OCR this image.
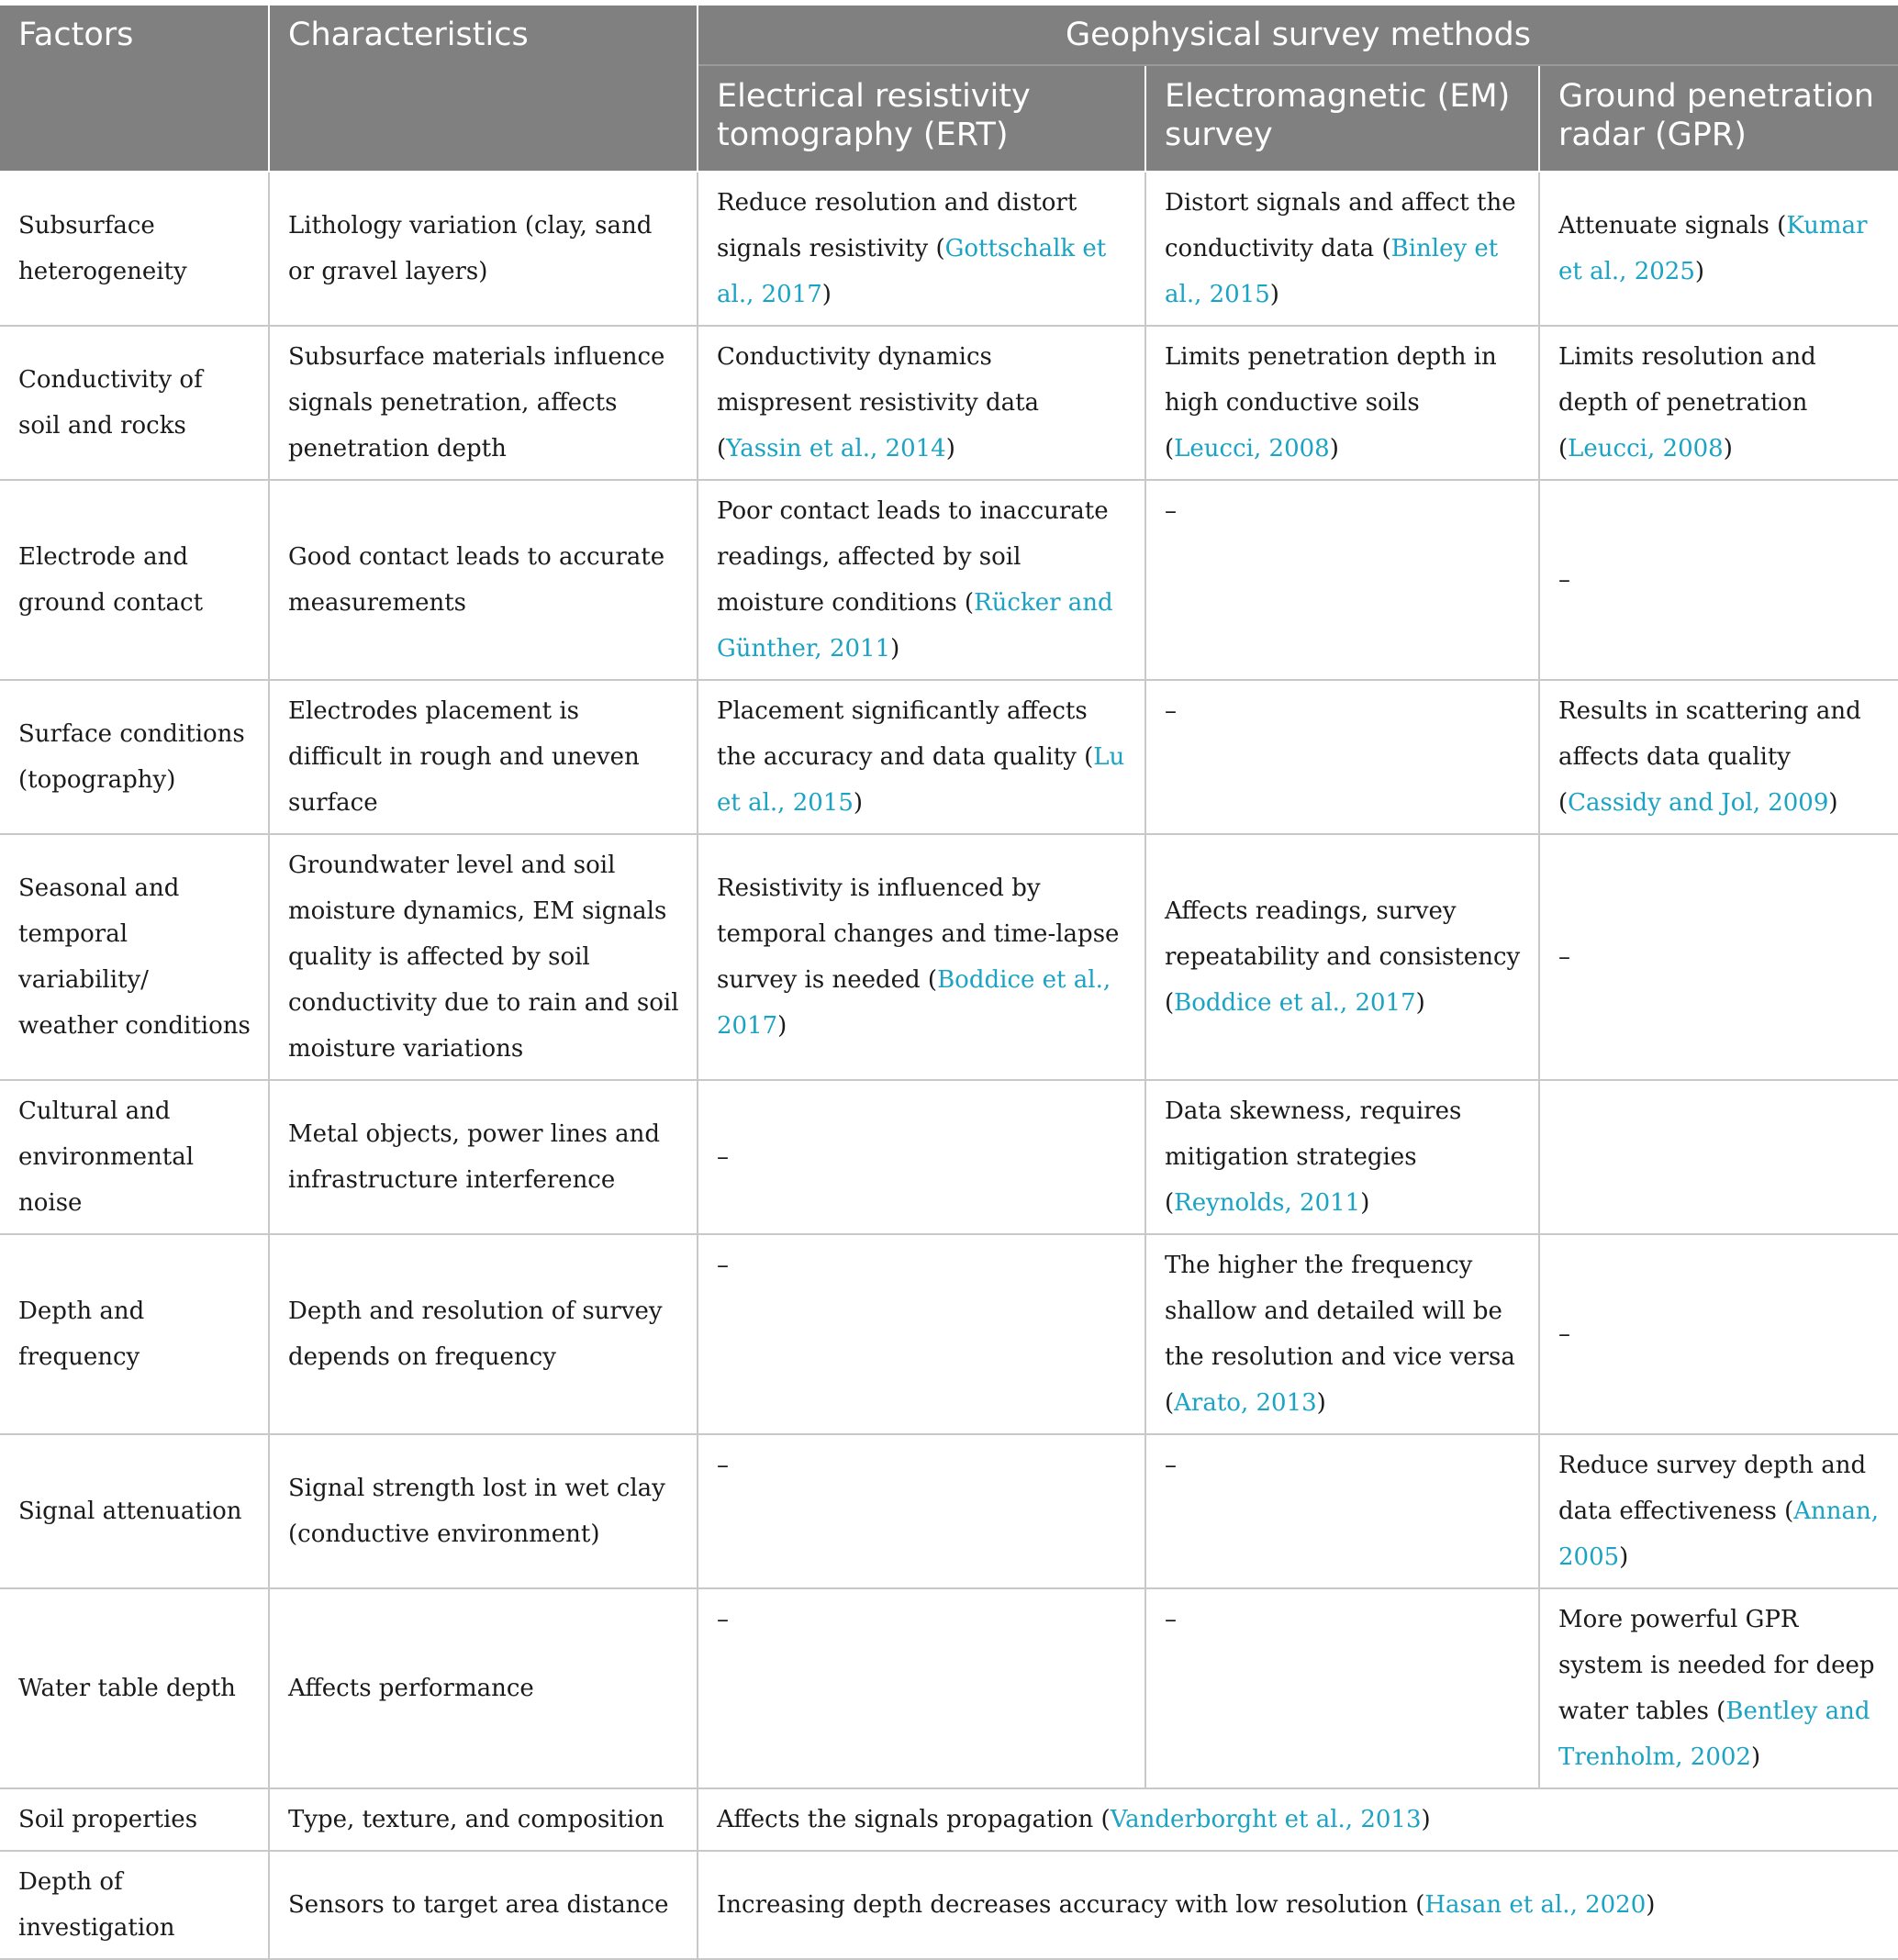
Factors	Characteristics	Geophysical survey methods		
		Electrical resistivity tomography (ERT)	Electromagnetic (EM) survey	Ground penetration radar (GPR)
Subsurface heterogeneity	Lithology variation (clay, sand or gravel layers)	Reduce resolution and distort signals resistivity (Gottschalk et al., 2017)	Distort signals and affect the conductivity data (Binley et al., 2015)	Attenuate signals (Kumar et al., 2025)
Conductivity of soil and rocks	Subsurface materials influence signals penetration, affects penetration depth	Conductivity dynamics mispresent resistivity data (Yassin et al., 2014)	Limits penetration depth in high conductive soils (Leucci, 2008)	Limits resolution and depth of penetration (Leucci, 2008)
Electrode and ground contact	Good contact leads to accurate measurements	Poor contact leads to inaccurate readings, affected by soil moisture conditions (Rücker and Günther, 2011)	–	–
Surface conditions (topography)	Electrodes placement is difficult in rough and uneven surface	Placement significantly affects the accuracy and data quality (Lu et al., 2015)	–	Results in scattering and affects data quality (Cassidy and Jol, 2009)
Seasonal and temporal variability/ weather conditions	Groundwater level and soil moisture dynamics, EM signals quality is affected by soil conductivity due to rain and soil moisture variations	Resistivity is influenced by temporal changes and time-lapse survey is needed (Boddice et al., 2017)	Affects readings, survey repeatability and consistency (Boddice et al., 2017)	–
Cultural and environmental noise	Metal objects, power lines and infrastructure interference	–	Data skewness, requires mitigation strategies (Reynolds, 2011)	
Depth and frequency	Depth and resolution of survey depends on frequency	–	The higher the frequency shallow and detailed will be the resolution and vice versa (Arato, 2013)	–
Signal attenuation	Signal strength lost in wet clay (conductive environment)	–	–	Reduce survey depth and data effectiveness (Annan, 2005)
Water table depth	Affects performance	–	–	More powerful GPR system is needed for deep water tables (Bentley and Trenholm, 2002)
Soil properties	Type, texture, and composition	Affects the signals propagation (Vanderborght et al., 2013)		
Depth of investigation	Sensors to target area distance	Increasing depth decreases accuracy with low resolution (Hasan et al., 2020)		
